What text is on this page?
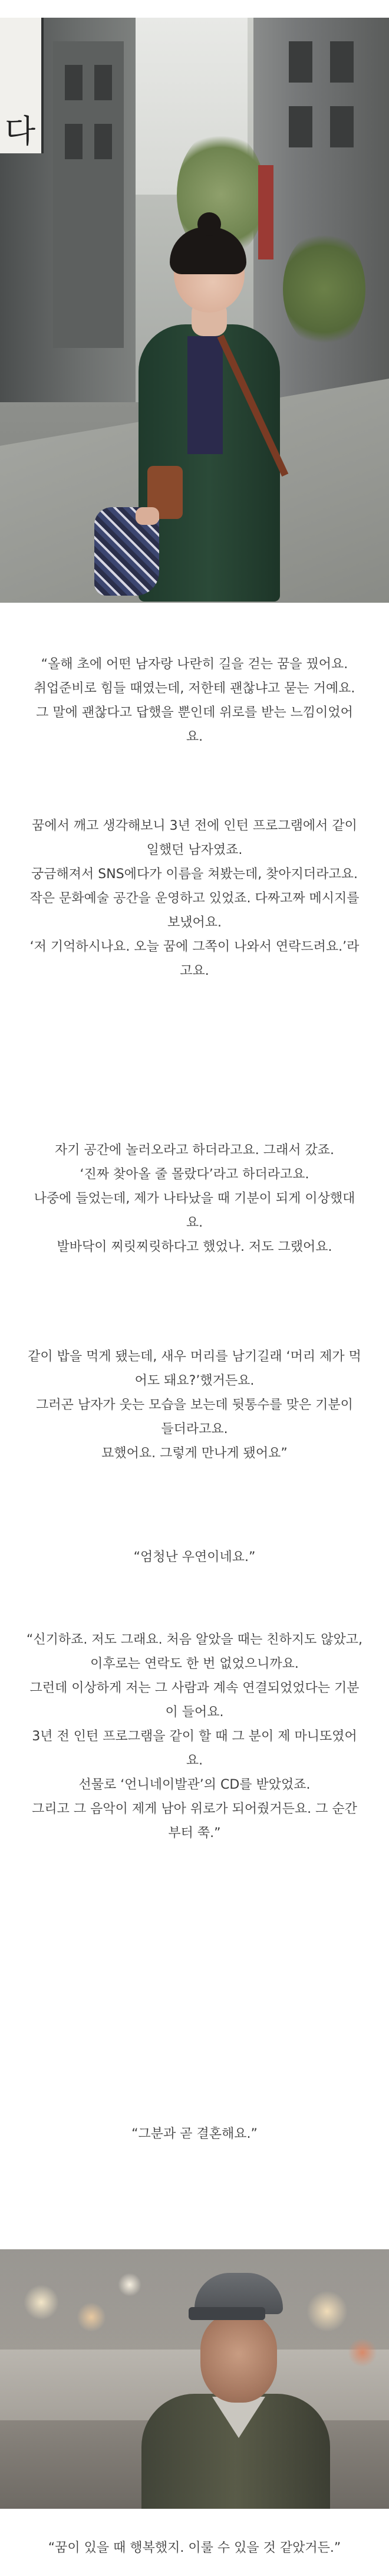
다

“올해 초에 어떤 남자랑 나란히 길을 걷는 꿈을 꿨어요.
취업준비로 힘들 때였는데, 저한테 괜찮냐고 묻는 거예요.
그 말에 괜찮다고 답했을 뿐인데 위로를 받는 느낌이었어
요.

꿈에서 깨고 생각해보니 3년 전에 인턴 프로그램에서 같이
일했던 남자였죠.
궁금해져서 SNS에다가 이름을 쳐봤는데, 찾아지더라고요.
작은 문화예술 공간을 운영하고 있었죠. 다짜고짜 메시지를
보냈어요.
‘저 기억하시나요. 오늘 꿈에 그쪽이 나와서 연락드려요.’라
고요.

자기 공간에 놀러오라고 하더라고요. 그래서 갔죠.
‘진짜 찾아올 줄 몰랐다’라고 하더라고요.
나중에 들었는데, 제가 나타났을 때 기분이 되게 이상했대
요.
발바닥이 찌릿찌릿하다고 했었나. 저도 그랬어요.

같이 밥을 먹게 됐는데, 새우 머리를 남기길래 ‘머리 제가 먹
어도 돼요?’했거든요.
그러곤 남자가 웃는 모습을 보는데 뒷통수를 맞은 기분이
들더라고요.
묘했어요. 그렇게 만나게 됐어요”

“엄청난 우연이네요.”

“신기하죠. 저도 그래요. 처음 알았을 때는 친하지도 않았고,
이후로는 연락도 한 번 없었으니까요.
그런데 이상하게 저는 그 사람과 계속 연결되었었다는 기분
이 들어요.
3년 전 인턴 프로그램을 같이 할 때 그 분이 제 마니또였어
요.
선물로 ‘언니네이발관’의 CD를 받았었죠.
그리고 그 음악이 제게 남아 위로가 되어줬거든요. 그 순간
부터 쭉.”

“그분과 곧 결혼해요.”

“꿈이 있을 때 행복했지. 이룰 수 있을 것 같았거든.”
